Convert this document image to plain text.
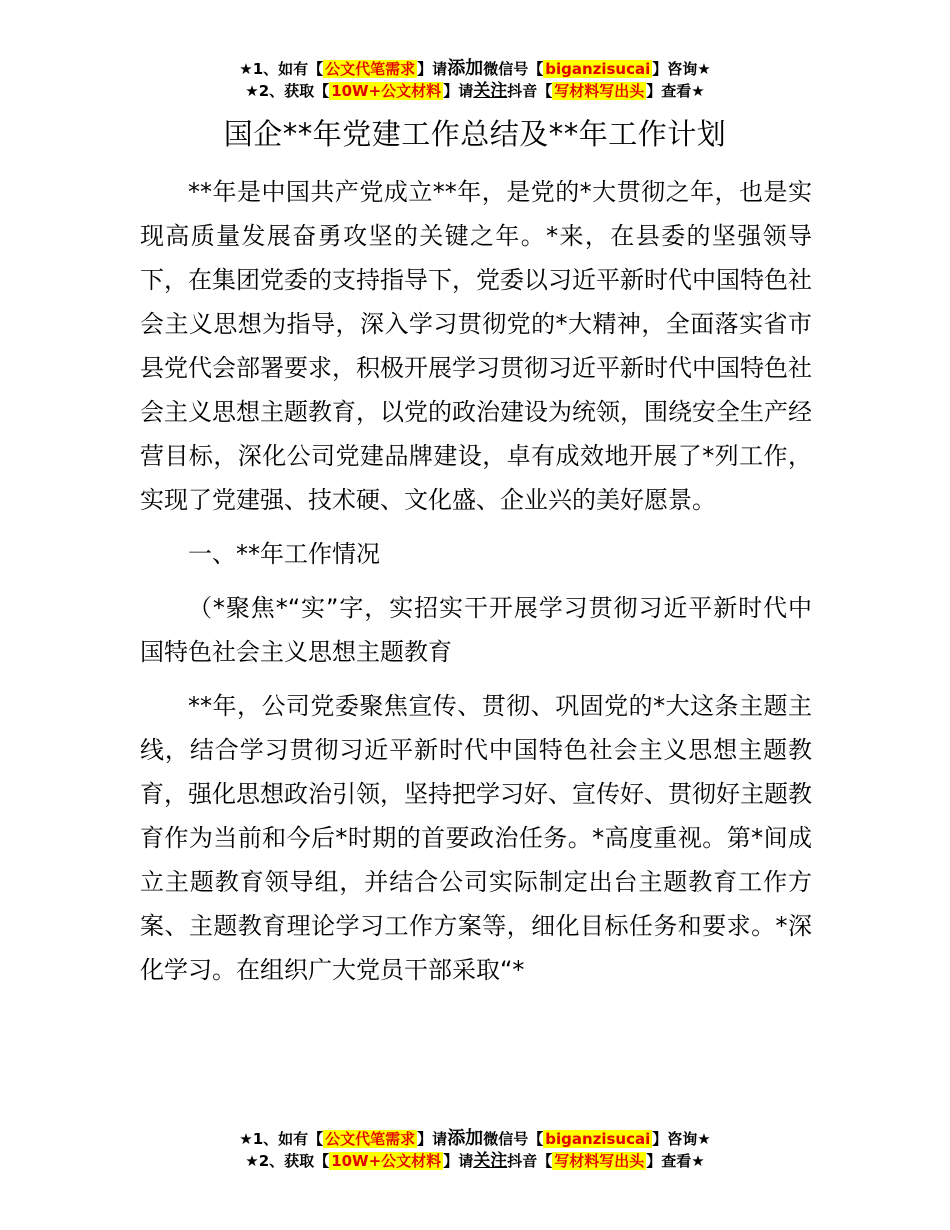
★1、如有【 公文代笔需求 】请添加微信号【 biganzisucai 】咨询★
★2、获取【 10W+公文材料 】请关注抖音【 写材料写出头 】查看★
国企**年党建工作总结及**年工作计划

**年是中国共产党成立**年，是党的*大贯彻之年，也是实现高质量发展奋勇攻坚的关键之年。*来，在县委的坚强领导下，在集团党委的支持指导下，党委以习近平新时代中国特色社会主义思想为指导，深入学习贯彻党的*大精神，全面落实省市县党代会部署要求，积极开展学习贯彻习近平新时代中国特色社会主义思想主题教育，以党的政治建设为统领，围绕安全生产经营目标，深化公司党建品牌建设，卓有成效地开展了*列工作，实现了党建强、技术硬、文化盛、企业兴的美好愿景。

一、**年工作情况

（*聚焦*“实”字，实招实干开展学习贯彻习近平新时代中国特色社会主义思想主题教育

**年，公司党委聚焦宣传、贯彻、巩固党的*大这条主题主线，结合学习贯彻习近平新时代中国特色社会主义思想主题教育，强化思想政治引领，坚持把学习好、宣传好、贯彻好主题教育作为当前和今后*时期的首要政治任务。*高度重视。第*间成立主题教育领导组，并结合公司实际制定出台主题教育工作方案、主题教育理论学习工作方案等，细化目标任务和要求。*深化学习。在组织广大党员干部采取“*

★1、如有【 公文代笔需求 】请添加微信号【 biganzisucai 】咨询★
★2、获取【 10W+公文材料 】请关注抖音【 写材料写出头 】查看★
